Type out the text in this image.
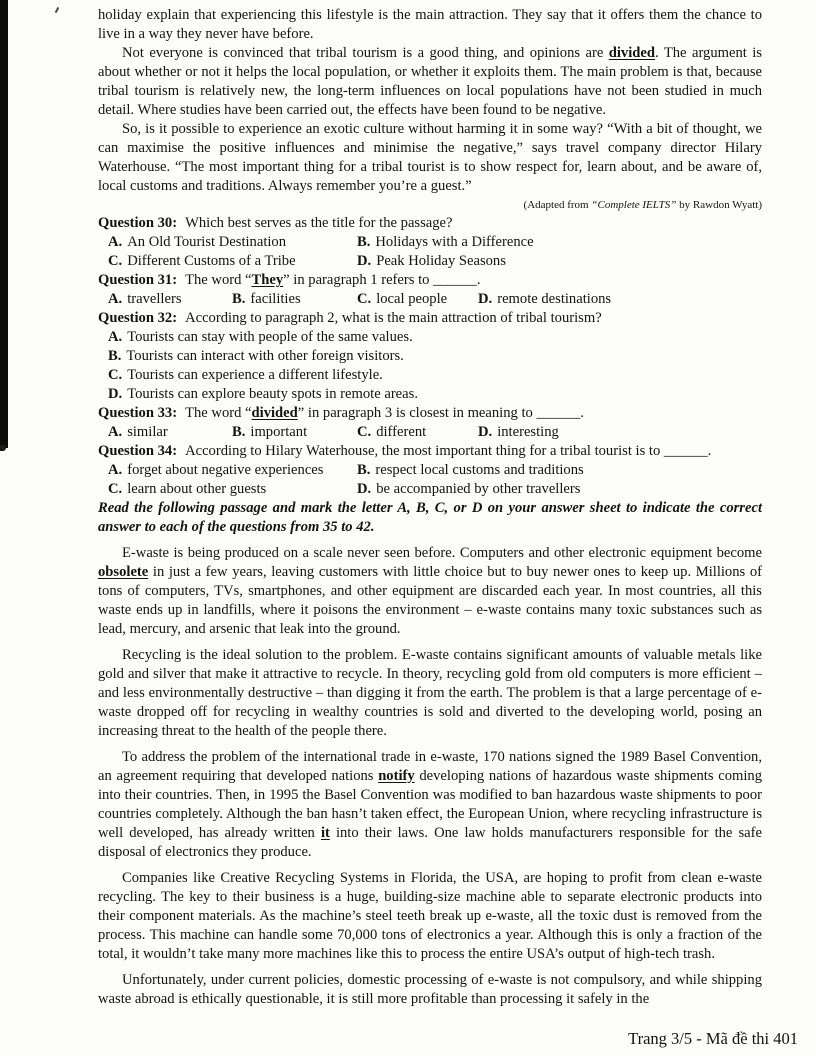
holiday explain that experiencing this lifestyle is the main attraction. They say that it offers them the chance to live in a way they never have before.

Not everyone is convinced that tribal tourism is a good thing, and opinions are divided. The argument is about whether or not it helps the local population, or whether it exploits them. The main problem is that, because tribal tourism is relatively new, the long-term influences on local populations have not been studied in much detail. Where studies have been carried out, the effects have been found to be negative.

So, is it possible to experience an exotic culture without harming it in some way? “With a bit of thought, we can maximise the positive influences and minimise the negative,” says travel company director Hilary Waterhouse. “The most important thing for a tribal tourist is to show respect for, learn about, and be aware of, local customs and traditions. Always remember you’re a guest.”

(Adapted from “Complete IELTS” by Rawdon Wyatt)

Question 30: Which best serves as the title for the passage?
A. An Old Tourist Destination	B. Holidays with a Difference
C. Different Customs of a Tribe	D. Peak Holiday Seasons
Question 31: The word “They” in paragraph 1 refers to ______.
A. travellers	B. facilities	C. local people	D. remote destinations
Question 32: According to paragraph 2, what is the main attraction of tribal tourism?
A. Tourists can stay with people of the same values.
B. Tourists can interact with other foreign visitors.
C. Tourists can experience a different lifestyle.
D. Tourists can explore beauty spots in remote areas.
Question 33: The word “divided” in paragraph 3 is closest in meaning to ______.
A. similar	B. important	C. different	D. interesting
Question 34: According to Hilary Waterhouse, the most important thing for a tribal tourist is to ______.
A. forget about negative experiences	B. respect local customs and traditions
C. learn about other guests	D. be accompanied by other travellers

Read the following passage and mark the letter A, B, C, or D on your answer sheet to indicate the correct answer to each of the questions from 35 to 42.

E-waste is being produced on a scale never seen before. Computers and other electronic equipment become obsolete in just a few years, leaving customers with little choice but to buy newer ones to keep up. Millions of tons of computers, TVs, smartphones, and other equipment are discarded each year. In most countries, all this waste ends up in landfills, where it poisons the environment – e-waste contains many toxic substances such as lead, mercury, and arsenic that leak into the ground.

Recycling is the ideal solution to the problem. E-waste contains significant amounts of valuable metals like gold and silver that make it attractive to recycle. In theory, recycling gold from old computers is more efficient – and less environmentally destructive – than digging it from the earth. The problem is that a large percentage of e-waste dropped off for recycling in wealthy countries is sold and diverted to the developing world, posing an increasing threat to the health of the people there.

To address the problem of the international trade in e-waste, 170 nations signed the 1989 Basel Convention, an agreement requiring that developed nations notify developing nations of hazardous waste shipments coming into their countries. Then, in 1995 the Basel Convention was modified to ban hazardous waste shipments to poor countries completely. Although the ban hasn’t taken effect, the European Union, where recycling infrastructure is well developed, has already written it into their laws. One law holds manufacturers responsible for the safe disposal of electronics they produce.

Companies like Creative Recycling Systems in Florida, the USA, are hoping to profit from clean e-waste recycling. The key to their business is a huge, building-size machine able to separate electronic products into their component materials. As the machine’s steel teeth break up e-waste, all the toxic dust is removed from the process. This machine can handle some 70,000 tons of electronics a year. Although this is only a fraction of the total, it wouldn’t take many more machines like this to process the entire USA’s output of high-tech trash.

Unfortunately, under current policies, domestic processing of e-waste is not compulsory, and while shipping waste abroad is ethically questionable, it is still more profitable than processing it safely in the

Trang 3/5 - Mã đề thi 401
